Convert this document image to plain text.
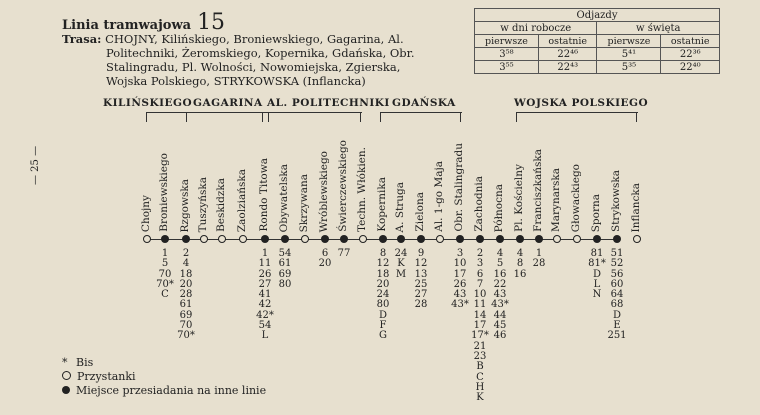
Linia tramwajowa 15
Trasa: CHOJNY, Kilińskiego, Broniewskiego, Gagarina, Al.
Politechniki, Żeromskiego, Kopernika, Gdańska, Obr.
Stalingradu, Pl. Wolności, Nowomiejska, Zgierska,
Wojska Polskiego, STRYKOWSKA (Inflancka)
Odjazdy			
w dni robocze		w święta	
pierwsze	ostatnie	pierwsze	ostatnie
3⁵⁸	22⁴⁶	5⁴¹	22³⁶
3⁵⁵	22⁴³	5³⁵	22⁴⁰
— 25 —
KILIŃSKIEGO GAGARINA AL. POLITECHNIKI GDAŃSKA	WOJSKA POLSKIEGO
Chojny Broniewskiego
1
5
70
70*
C
Rzgowska
2
4
18
20
28
61
69
70
70*
Tuszyńska Beskidzka Zaolziańska Rondo Titowa
1
11
26
27
41
42
42*
54
L
Obywatelska
54
61
69
80
Skrzywana Wróblewskiego
6
20
Świerczewskiego
77
Techn. Włókien. Kopernika
8
12
18
20
24
80
D
F
G
A. Struga
24
K
M
Zielona
9
12
13
25
27
28
Al. 1-go Maja Obr. Stalingradu
3
10
17
26
43
43*
Zachodnia
2
3
6
7
10
11
14
17
17*
21
23
B
C
H
K
Północna
4
5
16
22
43
43*
44
45
46
Pl. Kościelny
4
8
16
Franciszkańska
1
28
Marynarska Głowackiego Sporna
81
81*
D
L
N
Strykowska
51
52
56
60
64
68
D
E
251
Inflancka
* Bis
Przystanki
Miejsce przesiadania na inne linie
